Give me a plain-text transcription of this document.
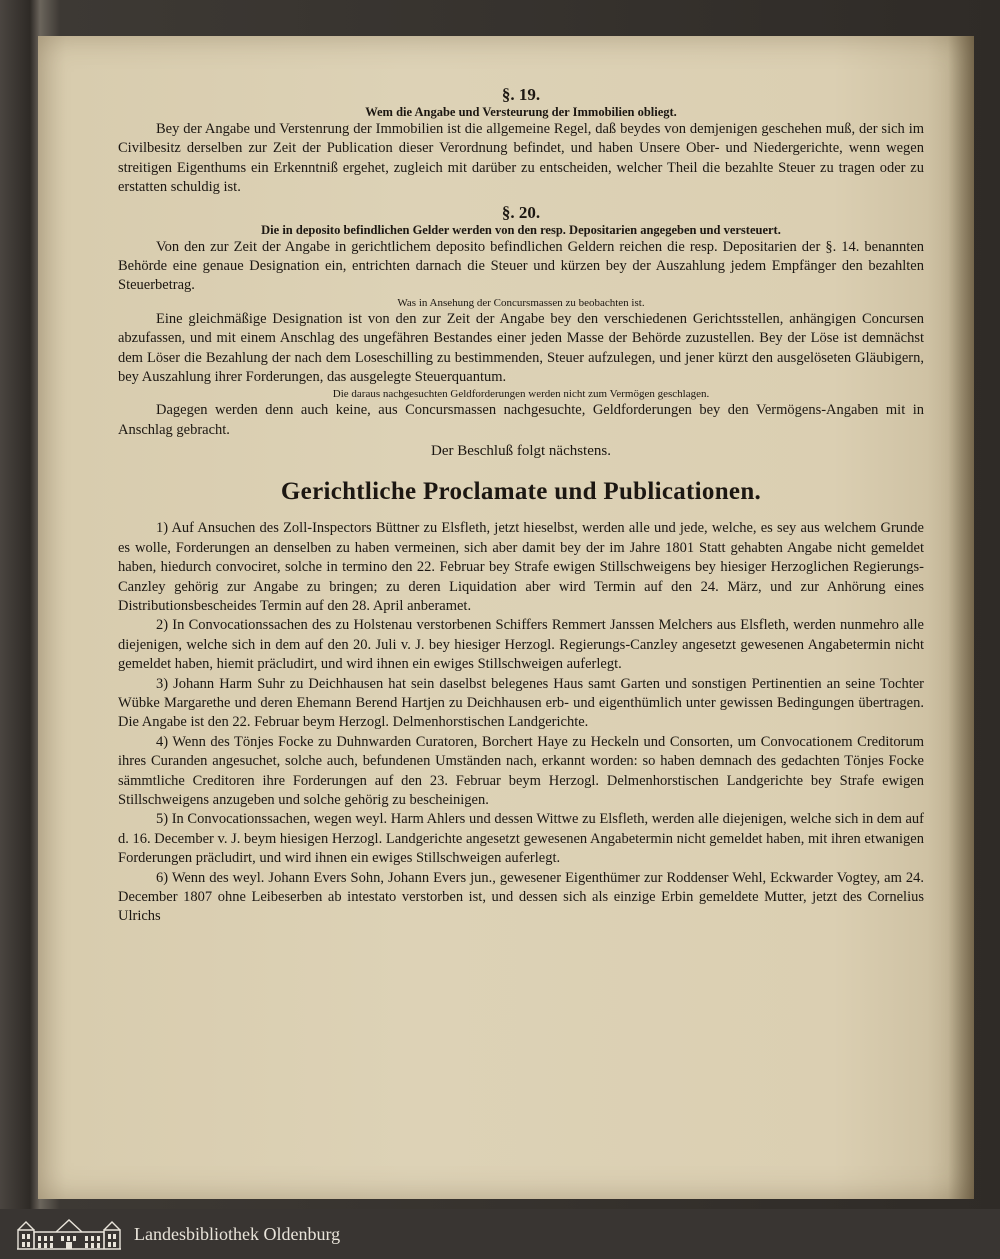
§. 19.
Wem die Angabe und Versteurung der Immobilien obliegt.

Bey der Angabe und Verstenrung der Immobilien ist die allgemeine Regel, daß beydes von demjenigen geschehen muß, der sich im Civilbesitz derselben zur Zeit der Publication dieser Verordnung befindet, und haben Unsere Ober- und Niedergerichte, wenn wegen streitigen Eigenthums ein Erkenntniß ergehet, zugleich mit darüber zu entscheiden, welcher Theil die bezahlte Steuer zu tragen oder zu erstatten schuldig ist.

§. 20.
Die in deposito befindlichen Gelder werden von den resp. Depositarien angegeben und versteuert.

Von den zur Zeit der Angabe in gerichtlichem deposito befindlichen Geldern reichen die resp. Depositarien der §. 14. benannten Behörde eine genaue Designation ein, entrichten darnach die Steuer und kürzen bey der Auszahlung jedem Empfänger den bezahlten Steuerbetrag.

Was in Ansehung der Concursmassen zu beobachten ist.

Eine gleichmäßige Designation ist von den zur Zeit der Angabe bey den verschiedenen Gerichtsstellen, anhängigen Concursen abzufassen, und mit einem Anschlag des ungefähren Bestandes einer jeden Masse der Behörde zuzustellen. Bey der Löse ist demnächst dem Löser die Bezahlung der nach dem Loseschilling zu bestimmenden, Steuer aufzulegen, und jener kürzt den ausgelöseten Gläubigern, bey Auszahlung ihrer Forderungen, das ausgelegte Steuerquantum.

Die daraus nachgesuchten Geldforderungen werden nicht zum Vermögen geschlagen.

Dagegen werden denn auch keine, aus Concursmassen nachgesuchte, Geldforderungen bey den Vermögens-Angaben mit in Anschlag gebracht.

Der Beschluß folgt nächstens.
Gerichtliche Proclamate und Publicationen.

1) Auf Ansuchen des Zoll-Inspectors Büttner zu Elsfleth, jetzt hieselbst, werden alle und jede, welche, es sey aus welchem Grunde es wolle, Forderungen an denselben zu haben vermeinen, sich aber damit bey der im Jahre 1801 Statt gehabten Angabe nicht gemeldet haben, hiedurch convociret, solche in termino den 22. Februar bey Strafe ewigen Stillschweigens bey hiesiger Herzoglichen Regierungs-Canzley gehörig zur Angabe zu bringen; zu deren Liquidation aber wird Termin auf den 24. März, und zur Anhörung eines Distributionsbescheides Termin auf den 28. April anberamet.

2) In Convocationssachen des zu Holstenau verstorbenen Schiffers Remmert Janssen Melchers aus Elsfleth, werden nunmehro alle diejenigen, welche sich in dem auf den 20. Juli v. J. bey hiesiger Herzogl. Regierungs-Canzley angesetzt gewesenen Angabetermin nicht gemeldet haben, hiemit präcludirt, und wird ihnen ein ewiges Stillschweigen auferlegt.

3) Johann Harm Suhr zu Deichhausen hat sein daselbst belegenes Haus samt Garten und sonstigen Pertinentien an seine Tochter Wübke Margarethe und deren Ehemann Berend Hartjen zu Deichhausen erb- und eigenthümlich unter gewissen Bedingungen übertragen. Die Angabe ist den 22. Februar beym Herzogl. Delmenhorstischen Landgerichte.

4) Wenn des Tönjes Focke zu Duhnwarden Curatoren, Borchert Haye zu Heckeln und Consorten, um Convocationem Creditorum ihres Curanden angesuchet, solche auch, befundenen Umständen nach, erkannt worden: so haben demnach des gedachten Tönjes Focke sämmtliche Creditoren ihre Forderungen auf den 23. Februar beym Herzogl. Delmenhorstischen Landgerichte bey Strafe ewigen Stillschweigens anzugeben und solche gehörig zu bescheinigen.

5) In Convocationssachen, wegen weyl. Harm Ahlers und dessen Wittwe zu Elsfleth, werden alle diejenigen, welche sich in dem auf d. 16. December v. J. beym hiesigen Herzogl. Landgerichte angesetzt gewesenen Angabetermin nicht gemeldet haben, mit ihren etwanigen Forderungen präcludirt, und wird ihnen ein ewiges Stillschweigen auferlegt.

6) Wenn des weyl. Johann Evers Sohn, Johann Evers jun., gewesener Eigenthümer zur Roddenser Wehl, Eckwarder Vogtey, am 24. December 1807 ohne Leibeserben ab intestato verstorben ist, und dessen sich als einzige Erbin gemeldete Mutter, jetzt des Cornelius Ulrichs

Landesbibliothek Oldenburg
